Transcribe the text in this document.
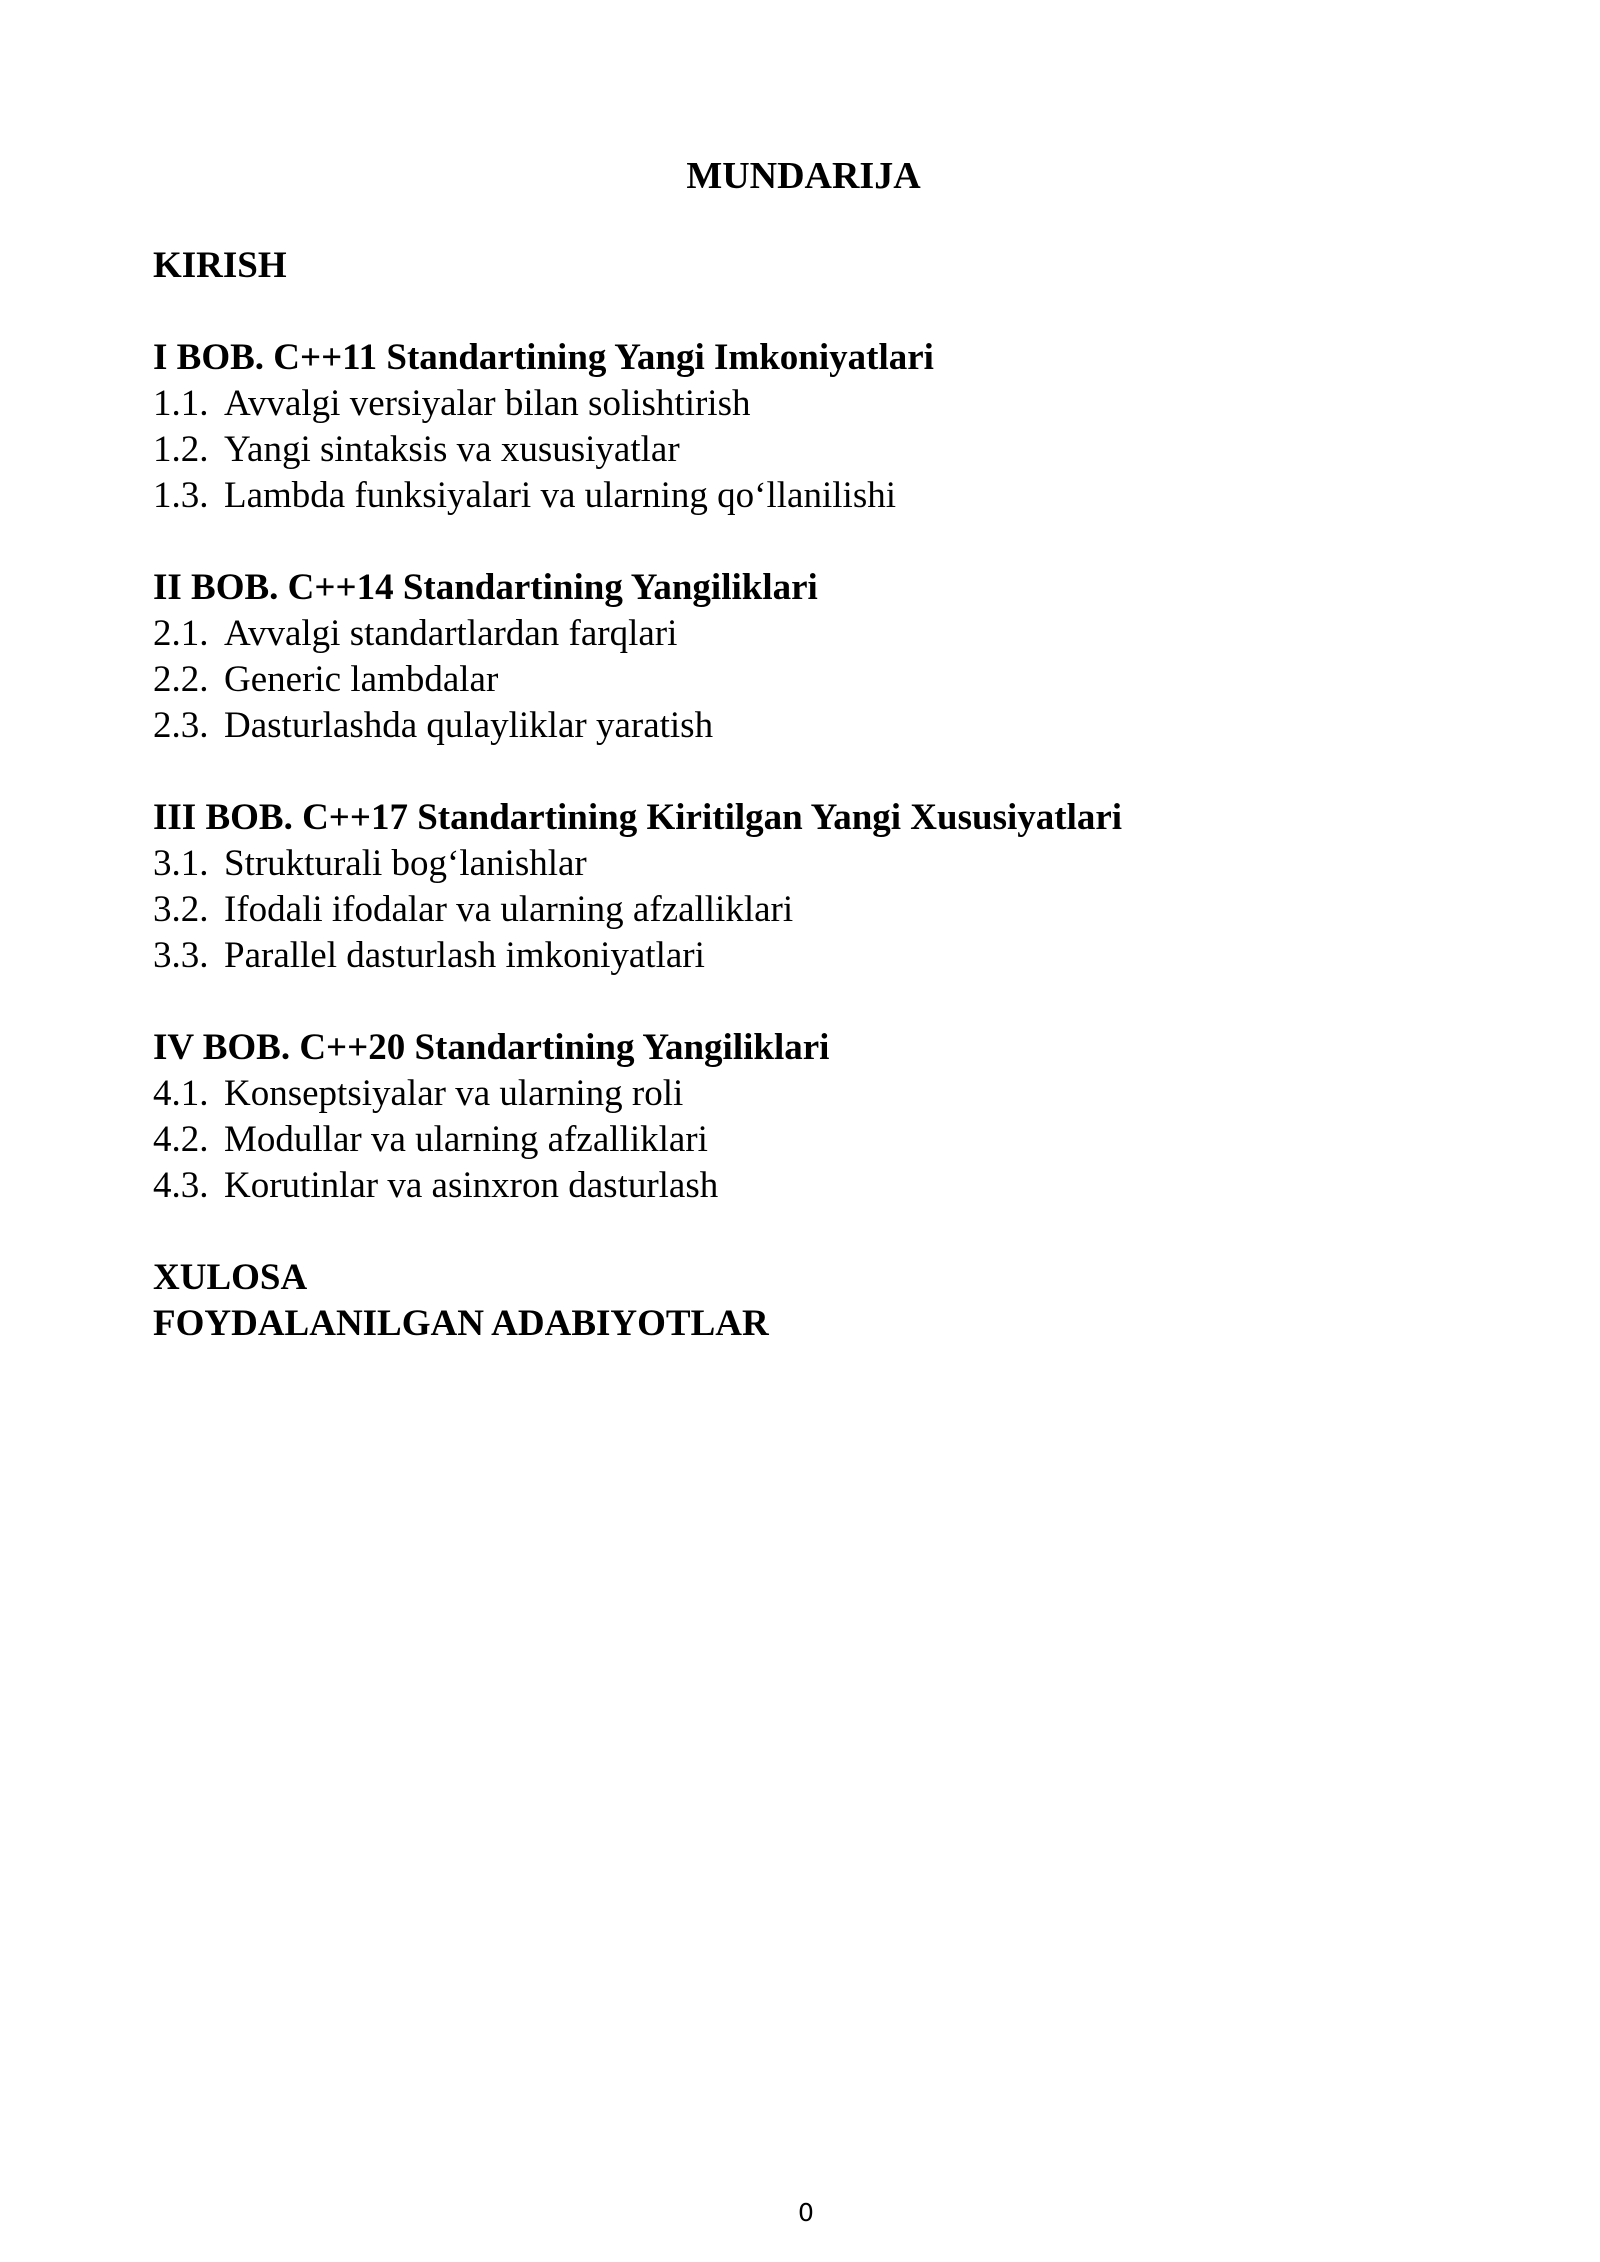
MUNDARIJA
KIRISH
I BOB. C++11 Standartining Yangi Imkoniyatlari
1.1. Avvalgi versiyalar bilan solishtirish
1.2. Yangi sintaksis va xususiyatlar
1.3. Lambda funksiyalari va ularning qo‘llanilishi
II BOB. C++14 Standartining Yangiliklari
2.1. Avvalgi standartlardan farqlari
2.2. Generic lambdalar
2.3. Dasturlashda qulayliklar yaratish
III BOB. C++17 Standartining Kiritilgan Yangi Xususiyatlari
3.1. Strukturali bog‘lanishlar
3.2. Ifodali ifodalar va ularning afzalliklari
3.3. Parallel dasturlash imkoniyatlari
IV BOB. C++20 Standartining Yangiliklari
4.1. Konseptsiyalar va ularning roli
4.2. Modullar va ularning afzalliklari
4.3. Korutinlar va asinxron dasturlash
XULOSA
FOYDALANILGAN ADABIYOTLAR
0
